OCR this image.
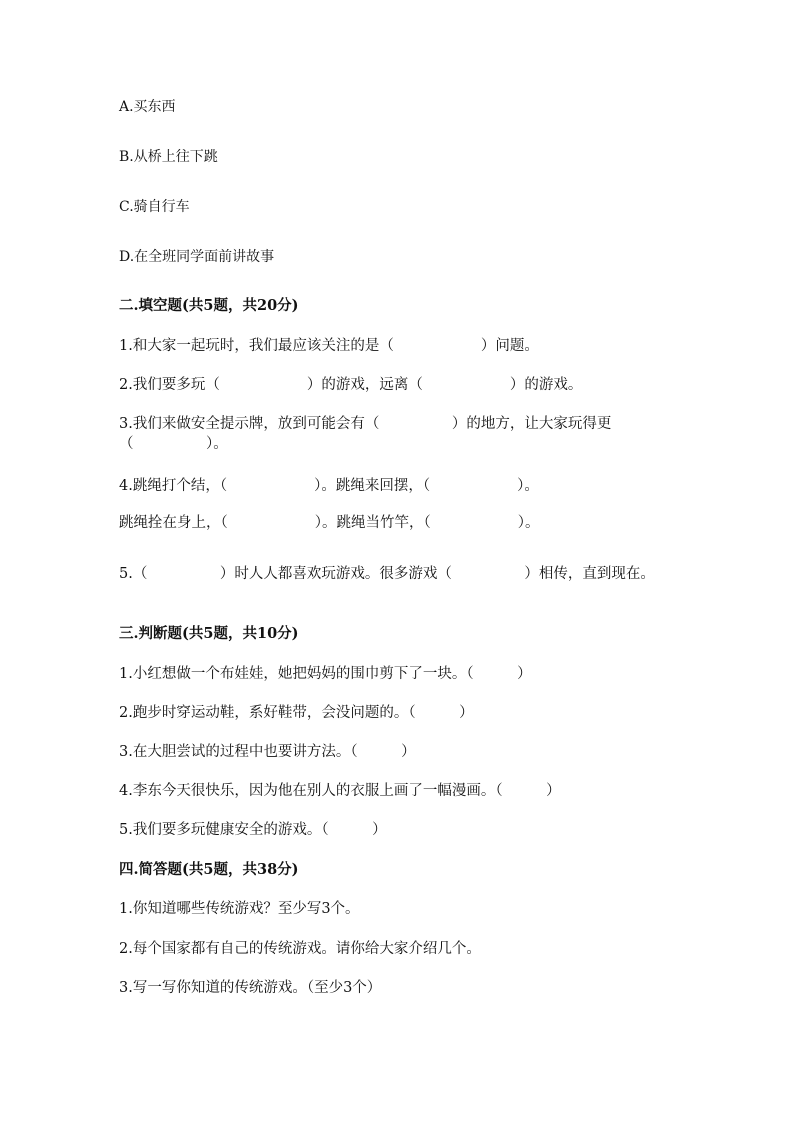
A.买东西
B.从桥上往下跳
C.骑自行车
D.在全班同学面前讲故事
二.填空题(共5题，共20分)
1.和大家一起玩时，我们最应该关注的是（　　　　　　）问题。
2.我们要多玩（　　　　　　）的游戏，远离（　　　　　　）的游戏。
3.我们来做安全提示牌，放到可能会有（　　　　　）的地方，让大家玩得更（　　　　　）。
4.跳绳打个结，（　　　　　　）。跳绳来回摆，（　　　　　　）。
跳绳拴在身上，（　　　　　　）。跳绳当竹竿，（　　　　　　）。
5.（　　　　　）时人人都喜欢玩游戏。很多游戏（　　　　　）相传，直到现在。
三.判断题(共5题，共10分)
1.小红想做一个布娃娃，她把妈妈的围巾剪下了一块。（　　　）
2.跑步时穿运动鞋，系好鞋带，会没问题的。（　　　）
3.在大胆尝试的过程中也要讲方法。（　　　）
4.李东今天很快乐，因为他在别人的衣服上画了一幅漫画。（　　　）
5.我们要多玩健康安全的游戏。（　　　）
四.简答题(共5题，共38分)
1.你知道哪些传统游戏？至少写3个。
2.每个国家都有自己的传统游戏。请你给大家介绍几个。
3.写一写你知道的传统游戏。（至少3个）
